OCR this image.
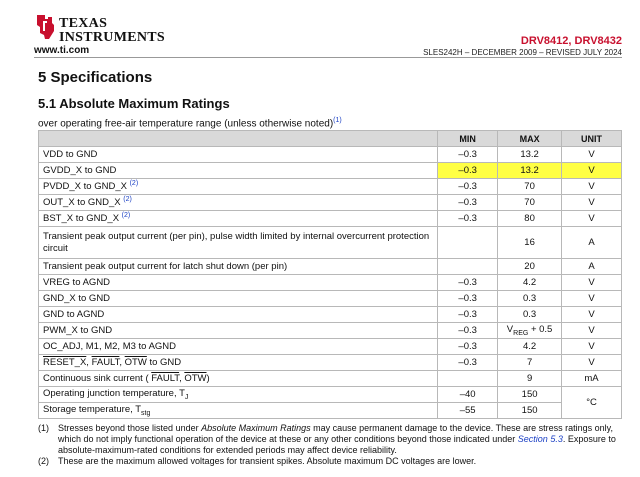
TEXAS
INSTRUMENTS
www.ti.com
DRV8412, DRV8432
SLES242H – DECEMBER 2009 – REVISED JULY 2024
5 Specifications
5.1 Absolute Maximum Ratings
over operating free-air temperature range (unless otherwise noted)$^{(1)}$
	MIN	MAX	UNIT
VDD to GND	–0.3	13.2	V
GVDD_X to GND	–0.3	13.2	V
PVDD_X to GND_X $^{(2)}$	–0.3	70	V
OUT_X to GND_X $^{(2)}$	–0.3	70	V
BST_X to GND_X $^{(2)}$	–0.3	80	V
Transient peak output current (per pin), pulse width limited by internal overcurrent protection circuit		16	A
Transient peak output current for latch shut down (per pin)		20	A
VREG to AGND	–0.3	4.2	V
GND_X to GND	–0.3	0.3	V
GND to AGND	–0.3	0.3	V
PWM_X to GND	–0.3	$V_{REG} + 0.5$	V
OC_ADJ, M1, M2, M3 to AGND	–0.3	4.2	V
RESET_X, FAULT, $\overline{OTW}$ to GND	–0.3	7	V
Continuous sink current ( FAULT, $\overline{OTW}$)		9	mA
Operating junction temperature, $T_J$	–40	150	°C
Storage temperature, $T_{stg}$	–55	150	
(1) Stresses beyond those listed under Absolute Maximum Ratings may cause permanent damage to the device. These are stress ratings only, which do not imply functional operation of the device at these or any other conditions beyond those indicated under Section 5.3. Exposure to absolute-maximum-rated conditions for extended periods may affect device reliability.
(2) These are the maximum allowed voltages for transient spikes. Absolute maximum DC voltages are lower.
